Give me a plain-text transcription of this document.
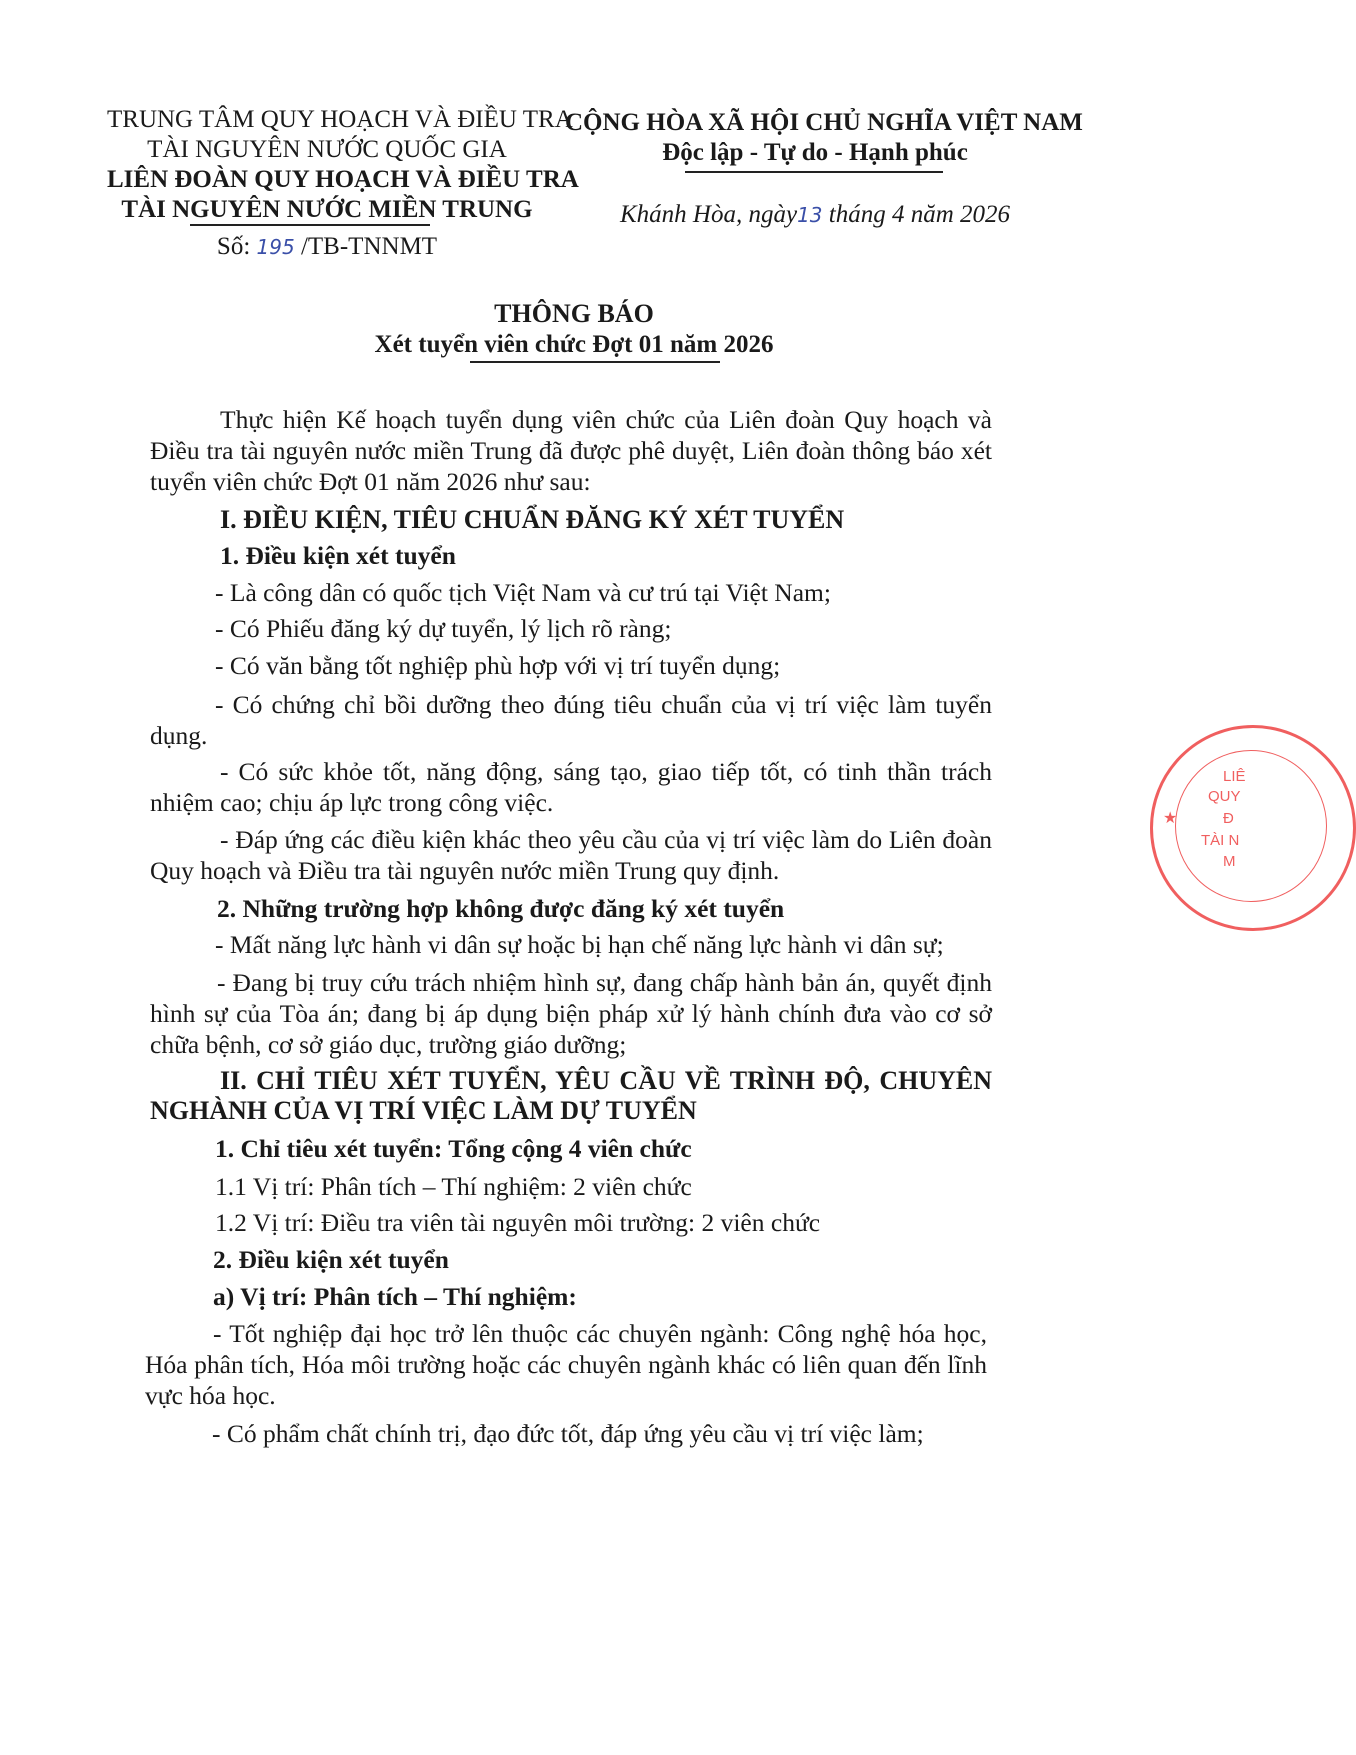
TRUNG TÂM QUY HOẠCH VÀ ĐIỀU TRA
TÀI NGUYÊN NƯỚC QUỐC GIA
LIÊN ĐOÀN QUY HOẠCH VÀ ĐIỀU TRA
TÀI NGUYÊN NƯỚC MIỀN TRUNG
Số: 195 /TB-TNNMT
CỘNG HÒA XÃ HỘI CHỦ NGHĨA VIỆT NAM
Độc lập - Tự do - Hạnh phúc
Khánh Hòa, ngày13 tháng 4 năm 2026
THÔNG BÁO
Xét tuyển viên chức Đợt 01 năm 2026
Thực hiện Kế hoạch tuyển dụng viên chức của Liên đoàn Quy hoạch và Điều tra tài nguyên nước miền Trung đã được phê duyệt, Liên đoàn thông báo xét tuyển viên chức Đợt 01 năm 2026 như sau:
I. ĐIỀU KIỆN, TIÊU CHUẨN ĐĂNG KÝ XÉT TUYỂN
1. Điều kiện xét tuyển
- Là công dân có quốc tịch Việt Nam và cư trú tại Việt Nam;
- Có Phiếu đăng ký dự tuyển, lý lịch rõ ràng;
- Có văn bằng tốt nghiệp phù hợp với vị trí tuyển dụng;
- Có chứng chỉ bồi dưỡng theo đúng tiêu chuẩn của vị trí việc làm tuyển dụng.
- Có sức khỏe tốt, năng động, sáng tạo, giao tiếp tốt, có tinh thần trách nhiệm cao; chịu áp lực trong công việc.
- Đáp ứng các điều kiện khác theo yêu cầu của vị trí việc làm do Liên đoàn Quy hoạch và Điều tra tài nguyên nước miền Trung quy định.
2. Những trường hợp không được đăng ký xét tuyển
- Mất năng lực hành vi dân sự hoặc bị hạn chế năng lực hành vi dân sự;
- Đang bị truy cứu trách nhiệm hình sự, đang chấp hành bản án, quyết định hình sự của Tòa án; đang bị áp dụng biện pháp xử lý hành chính đưa vào cơ sở chữa bệnh, cơ sở giáo dục, trường giáo dưỡng;
II. CHỈ TIÊU XÉT TUYỂN, YÊU CẦU VỀ TRÌNH ĐỘ, CHUYÊN NGHÀNH CỦA VỊ TRÍ VIỆC LÀM DỰ TUYỂN
1. Chỉ tiêu xét tuyển: Tổng cộng 4 viên chức
1.1 Vị trí: Phân tích – Thí nghiệm: 2 viên chức
1.2 Vị trí: Điều tra viên tài nguyên môi trường: 2 viên chức
2. Điều kiện xét tuyển
a) Vị trí: Phân tích – Thí nghiệm:
- Tốt nghiệp đại học trở lên thuộc các chuyên ngành: Công nghệ hóa học, Hóa phân tích, Hóa môi trường hoặc các chuyên ngành khác có liên quan đến lĩnh vực hóa học.
- Có phẩm chất chính trị, đạo đức tốt, đáp ứng yêu cầu vị trí việc làm;
★
LIÊ
QUY
Đ
TÀI N
M
